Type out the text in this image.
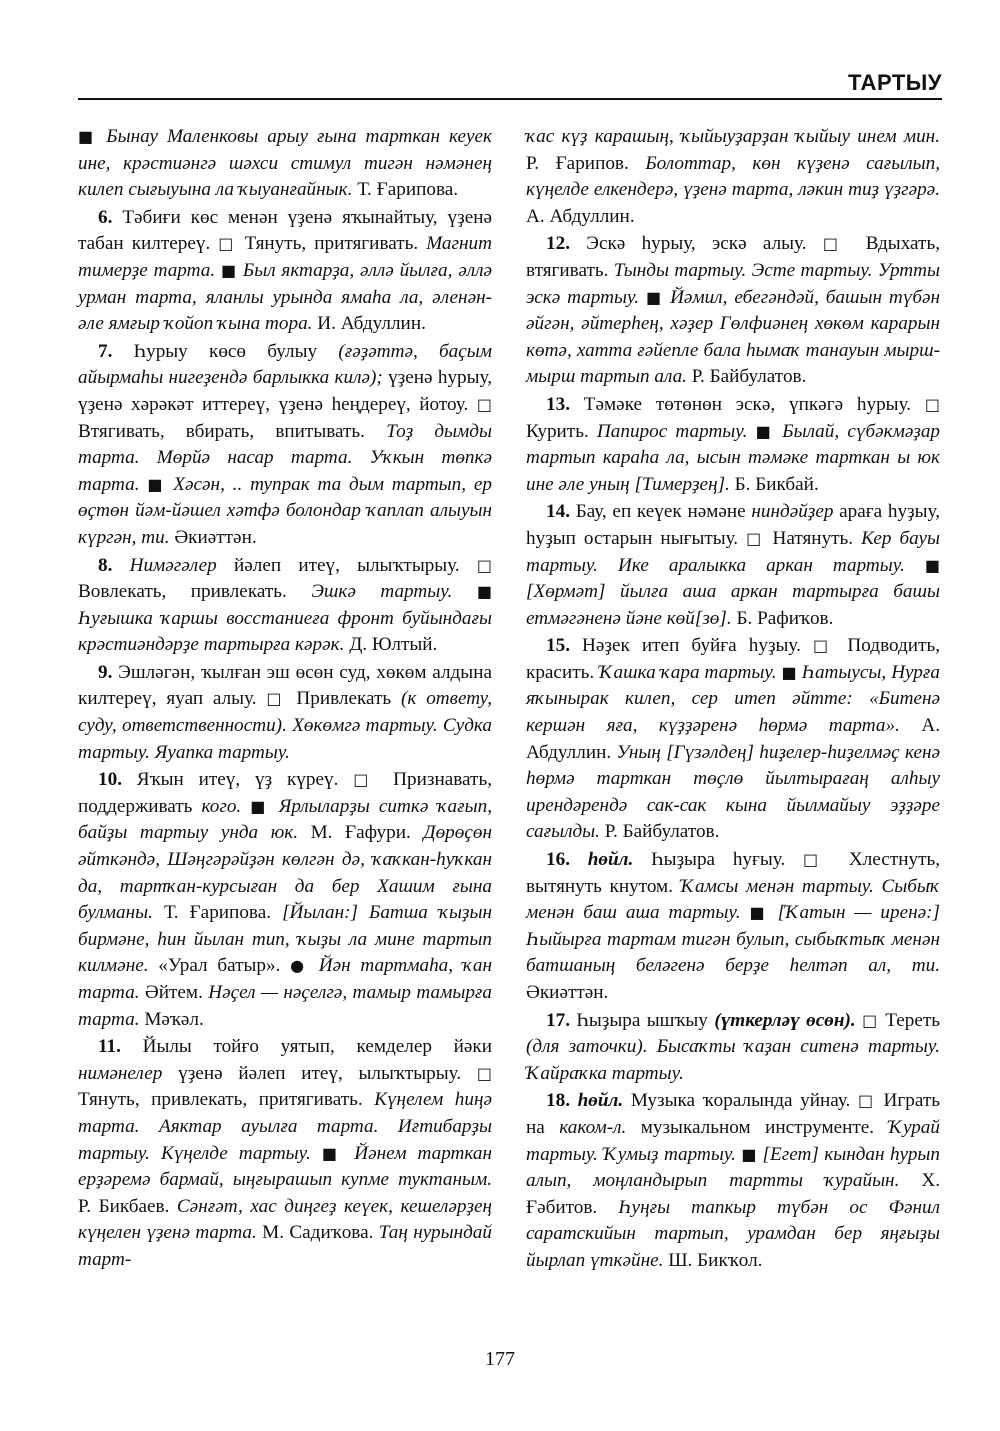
ТАРТЫУ

■ Бынау Маленковы арыу ғына тарткан кеуек ине, крәстиәнгә шәхси стимул тигән нәмәнең килеп сығыуына ла ҡыуанғайнык. Т. Ғарипова.

6. Тәбиғи көс менән үҙенә яҡынайтыу, үҙенә табан килтереү. □ Тянуть, притягивать. Магнит тимерҙе тарта. ■ Был яктарҙа, әллә йылға, әллә урман тарта, яланлы урында ямаһа ла, әленән-әле ямғыр ҡойоп ҡына тора. И. Абдуллин.

7. Һурыу көсө булыу (ғәҙәттә, баҫым айырмаһы нигеҙендә барлыкка килә); үҙенә һурыу, үҙенә хәрәкәт иттереү, үҙенә һеңдереү, йотоу. □ Втягивать, вбирать, впитывать. Тоҙ дымды тарта. Мөрйә насар тарта. Уҡкын төпкә тарта. ■ Хәсән, .. тупрак та дым тартып, ер өҫтөн йәм-йәшел хәтфә болондар ҡаплап алыуын күргән, ти. Әкиәттән.

8. Нимәгәлер йәлеп итеү, ылыҡтырыу. □ Вовлекать, привлекать. Эшкә тартыу. ■ Һуғышка ҡаршы восстаниеға фронт буйындағы крәстиәндәрҙе тартырға кәрәк. Д. Юлтый.

9. Эшләгән, ҡылған эш өсөн суд, хөкөм алдына килтереү, яуап алыу. □ Привлекать (к ответу, суду, ответственности). Хөкөмгә тартыу. Судка тартыу. Яуапка тартыу.

10. Яҡын итеү, үҙ күреү. □ Признавать, поддерживать кого. ■ Ярлыларҙы ситкә ҡағып, байҙы тартыу унда юк. М. Ғафури. Дөрөҫөн әйткәндә, Шәңгәрәйҙән көлгән дә, ҡаҡкан-һуҡкан да, тартҡан-курсыған да бер Хашим ғына булманы. Т. Ғарипова. [Йылан:] Батша ҡыҙын бирмәне, һин йылан тип, ҡыҙы ла мине тартып килмәне. «Урал батыр». ● Йән тартмаһа, ҡан тарта. Әйтем. Нәҫел — нәҫелгә, тамыр тамырға тарта. Мәҡәл.

11. Йылы тойғо уятып, кемделер йәки нимәнелер үҙенә йәлеп итеү, ылыҡтырыу. □ Тянуть, привлекать, притягивать. Күңелем һиңә тарта. Аяктар ауылға тарта. Иғтибарҙы тартыу. Күңелде тартыу. ■ Йәнем тарткан ерҙәремә бармай, ыңғырашып купме туктаным. Р. Бикбаев. Сәнғәт, хас диңгеҙ кеүек, кешеләрҙең күңелен үҙенә тарта. М. Садиҡова. Таң нурындай тарт-

ҡас күҙ карашың, ҡыйыуҙарҙан ҡыйыу инем мин. Р. Ғарипов. Болоттар, көн күҙенә сағылып, күңелде елкендерә, үҙенә тарта, ләкин тиҙ үҙгәрә. А. Абдуллин.

12. Эскә һурыу, эскә алыу. □ Вдыхать, втягивать. Тынды тартыу. Эсте тартыу. Уртты эскә тартыу. ■ Йәмил, ебегәндәй, башын түбән әйгән, әйтерһең, хәҙер Гөлфиәнең хөкөм карарын көтә, хатта ғәйепле бала һымаҡ танауын мырш-мырш тартып ала. Р. Байбулатов.

13. Тәмәке төтөнөн эскә, үпкәгә һурыу. □ Курить. Папирос тартыу. ■ Былай, сүбәкмәҙар тартып караһа ла, ысын тәмәке тарткан ы юк ине әле уның [Тимерҙең]. Б. Бикбай.

14. Бау, еп кеүек нәмәне ниндәйҙер араға һуҙыу, һуҙып остарын нығытыу. □ Натянуть. Кер бауы тартыу. Ике аралыкка аркан тартыу. ■ [Хөрмәт] йылға аша аркан тартырға башы етмәгәненә йәне көй[зө]. Б. Рафиҡов.

15. Нәҙек итеп буйға һуҙыу. □ Подводить, красить. Ҡашка ҡара тартыу. ■ Һатыусы, Нурға яҡынырак килеп, сер итеп әйтте: «Битенә кершән яға, күҙҙәренә һөрмә тарта». А. Абдуллин. Уның [Гүзәлдең] һиҙелер-һиҙелмәҫ кенә һөрмә тарткан төҫлө йылтырағаң алһыу ирендәрендә сак-сак кына йылмайыу эҙҙәре сағылды. Р. Байбулатов.

16. һөйл. Һыҙыра һуғыу. □ Хлестнуть, вытянуть кнутом. Ҡамсы менән тартыу. Сыбыҡ менән баш аша тартыу. ■ [Ҡатын — иренә:] Һыйырға тартам тигән булып, сыбыҡтыҡ менән батшаның беләгенә берҙе һелтәп ал, ти. Әкиәттән.

17. Һыҙыра ышҡыу (үткерләү өсөн). □ Тереть (для заточки). Бысаҡты ҡаҙан ситенә тартыу. Ҡайраҡка тартыу.

18. һөйл. Музыка ҡоралында уйнау. □ Играть на каком-л. музыкальном инструменте. Ҡурай тартыу. Ҡумыҙ тартыу. ■ [Егет] кындан һурып алып, моңландырып тартты ҡурайын. Х. Ғәбитов. Һуңғы тапкыр түбән ос Фәнил саратскийын тартып, урамдан бер яңғыҙы йырлап үткәйне. Ш. Бикҡол.

177
